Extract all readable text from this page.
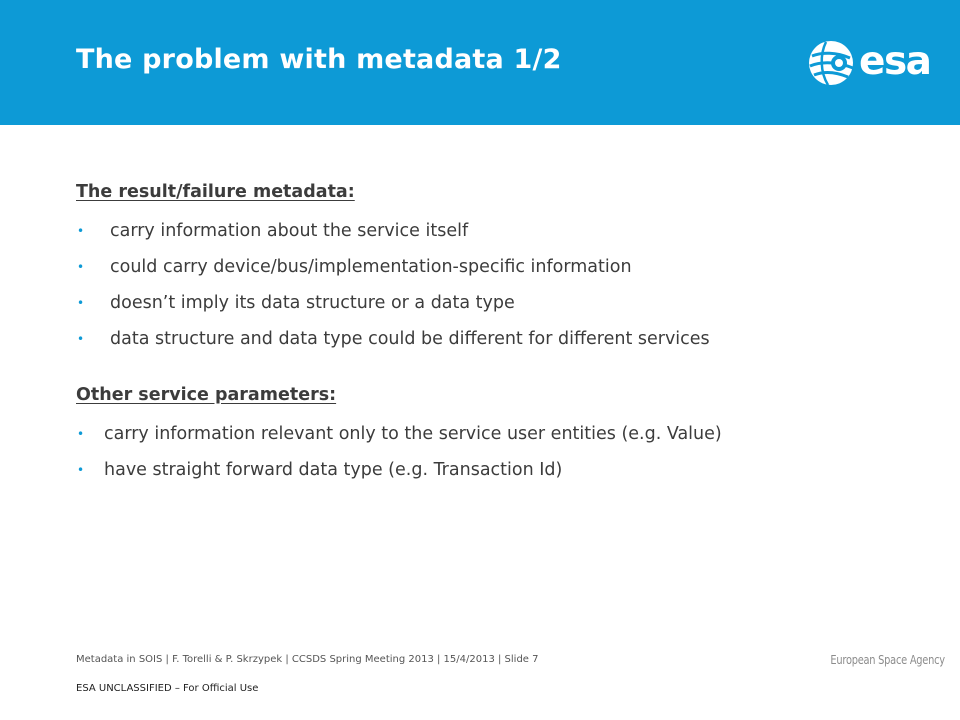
The problem with metadata 1/2	esa
The result/failure metadata:
• carry information about the service itself
• could carry device/bus/implementation-specific information
• doesn’t imply its data structure or a data type
• data structure and data type could be different for different services
Other service parameters:
• carry information relevant only to the service user entities (e.g. Value)
• have straight forward data type (e.g. Transaction Id)
Metadata in SOIS | F. Torelli & P. Skrzypek | CCSDS Spring Meeting 2013 | 15/4/2013 | Slide 7
ESA UNCLASSIFIED – For Official Use
European Space Agency
